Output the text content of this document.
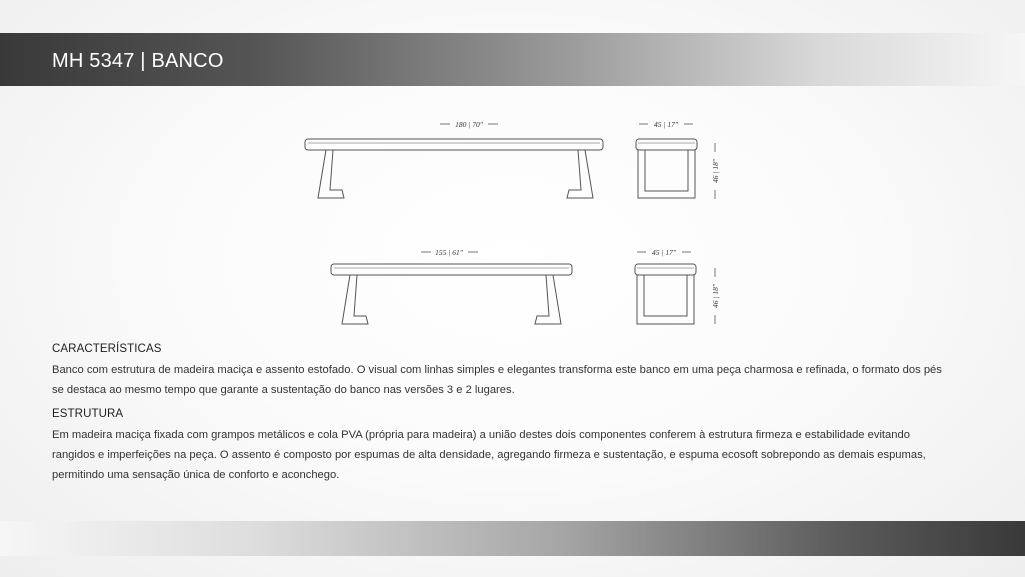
MH 5347 | BANCO
180 | 70"	45 | 17"
46 | 18"
155 | 61"	45 | 17"
46 | 18"
CARACTERÍSTICAS
Banco com estrutura de madeira maciça e assento estofado. O visual com linhas simples e elegantes transforma este banco em uma peça charmosa e refinada, o formato dos pés se destaca ao mesmo tempo que garante a sustentação do banco nas versões 3 e 2 lugares.
ESTRUTURA
Em madeira maciça fixada com grampos metálicos e cola PVA (própria para madeira) a união destes dois componentes conferem à estrutura firmeza e estabilidade evitando rangidos e imperfeições na peça. O assento é composto por espumas de alta densidade, agregando firmeza e sustentação, e espuma ecosoft sobrepondo as demais espumas, permitindo uma sensação única de conforto e aconchego.
